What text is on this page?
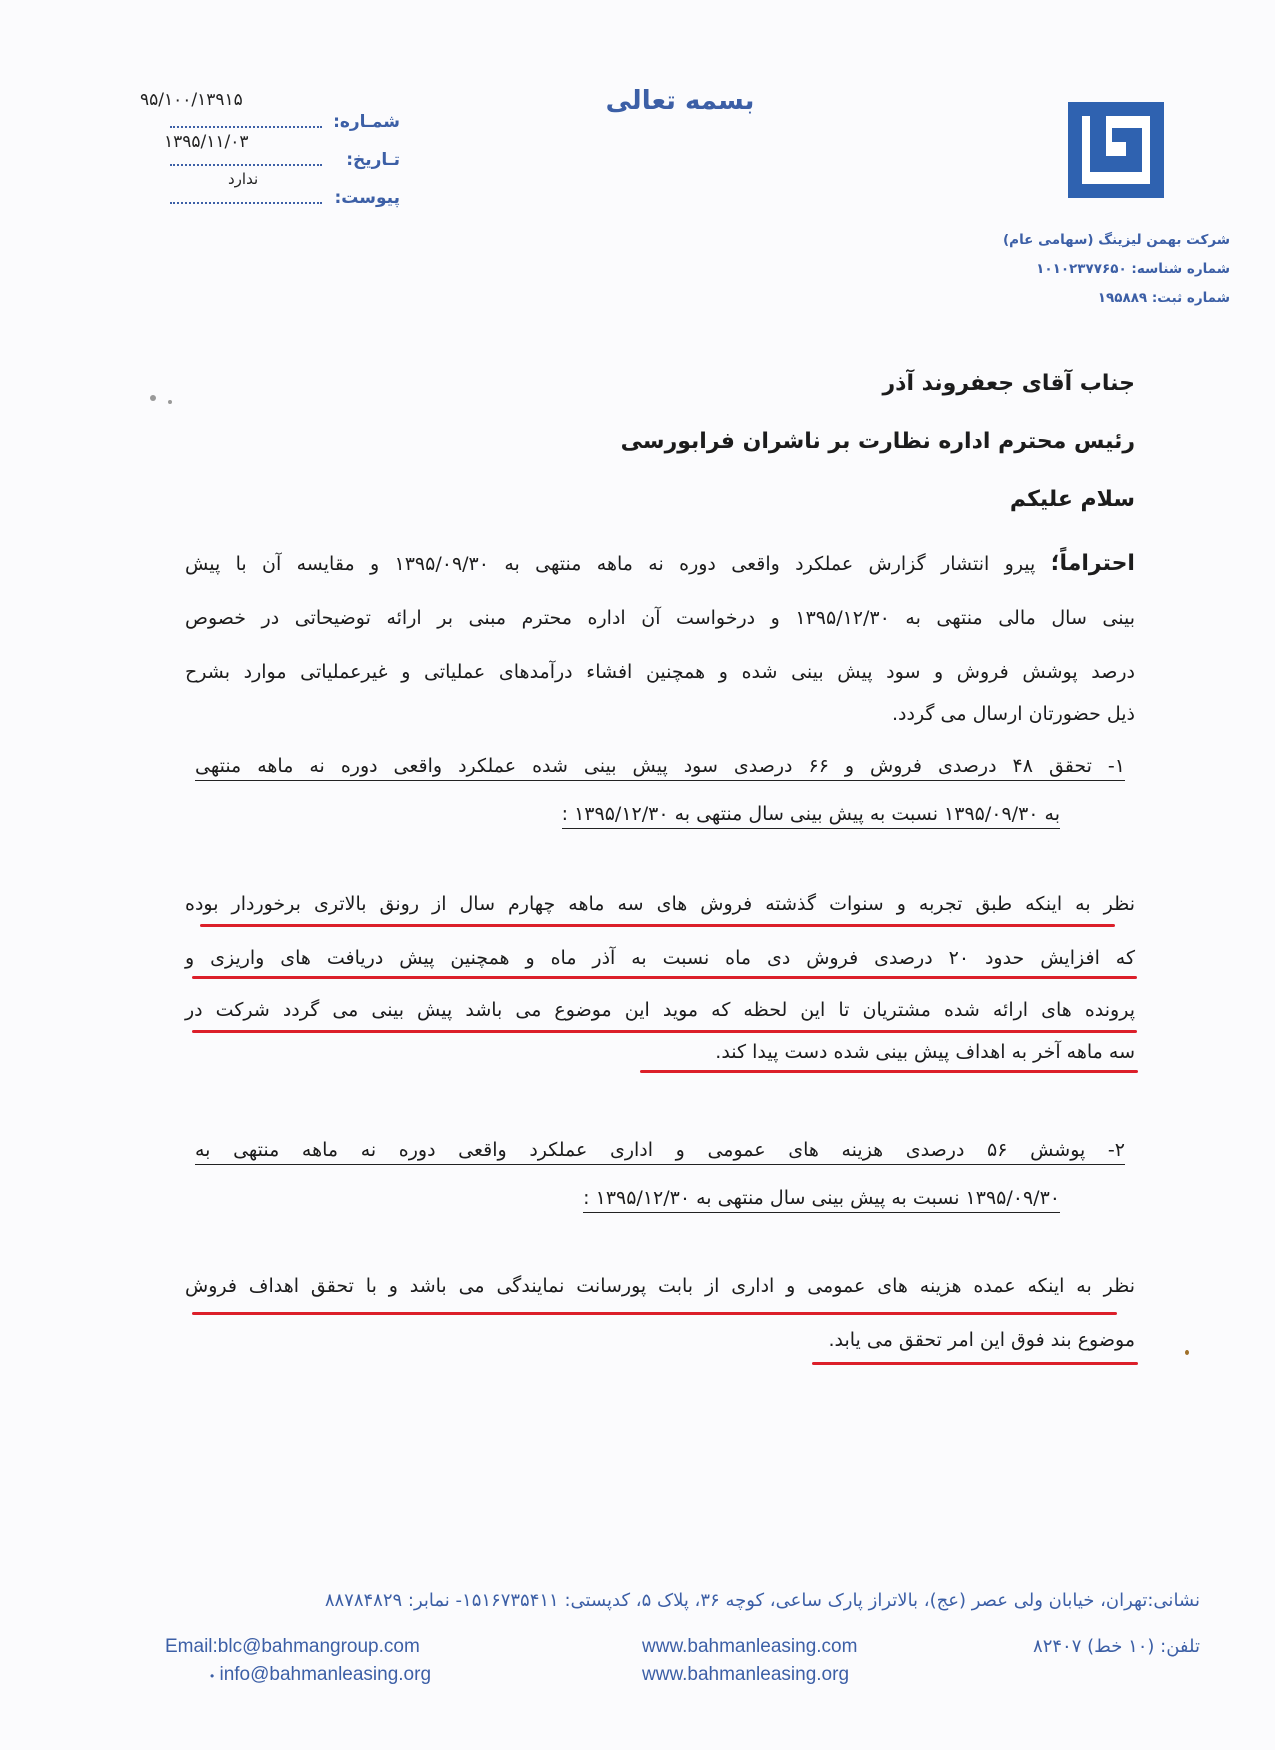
بسمه تعالی
شرکت بهمن لیزینگ (سهامی عام)
شماره شناسه: ۱۰۱۰۲۳۷۷۶۵۰
شماره ثبت: ۱۹۵۸۸۹
شمـاره:
۹۵/۱۰۰/۱۳۹۱۵
تـاریخ:
۱۳۹۵/۱۱/۰۳
پیوست:
ندارد
جناب آقای جعفروند آذر
رئیس محترم اداره نظارت بر ناشران فرابورسی
سلام علیکم
احتراماً؛ پیرو انتشار گزارش عملکرد واقعی دوره نه ماهه منتهی به ۱۳۹۵/۰۹/۳۰ و مقایسه آن با پیش
بینی سال مالی منتهی به ۱۳۹۵/۱۲/۳۰ و درخواست آن اداره محترم مبنی بر ارائه توضیحاتی در خصوص
درصد پوشش فروش و سود پیش بینی شده و همچنین افشاء درآمدهای عملیاتی و غیرعملیاتی موارد بشرح
ذیل حضورتان ارسال می گردد.
۱- تحقق ۴۸ درصدی فروش و ۶۶ درصدی سود پیش بینی شده عملکرد واقعی دوره نه ماهه منتهی
به ۱۳۹۵/۰۹/۳۰ نسبت به پیش بینی سال منتهی به ۱۳۹۵/۱۲/۳۰ :
نظر به اینکه طبق تجربه و سنوات گذشته فروش های سه ماهه چهارم سال از رونق بالاتری برخوردار بوده
که افزایش حدود ۲۰ درصدی فروش دی ماه نسبت به آذر ماه و همچنین پیش دریافت های واریزی و
پرونده های ارائه شده مشتریان تا این لحظه که موید این موضوع می باشد پیش بینی می گردد شرکت در
سه ماهه آخر به اهداف پیش بینی شده دست پیدا کند.
۲- پوشش ۵۶ درصدی هزینه های عمومی و اداری عملکرد واقعی دوره نه ماهه منتهی به
۱۳۹۵/۰۹/۳۰ نسبت به پیش بینی سال منتهی به ۱۳۹۵/۱۲/۳۰ :
نظر به اینکه عمده هزینه های عمومی و اداری از بابت پورسانت نمایندگی می باشد و با تحقق اهداف فروش
موضوع بند فوق این امر تحقق می یابد.
نشانی:تهران، خیابان ولی عصر (عج)، بالاتراز پارک ساعی، کوچه ۳۶، پلاک ۵، کدپستی: ۱۵۱۶۷۳۵۴۱۱- نمابر: ۸۸۷۸۴۸۲۹
Email:blc@bahmangroup.com
• info@bahmanleasing.org
www.bahmanleasing.com
www.bahmanleasing.org
تلفن: (۱۰ خط) ۸۲۴۰۷
